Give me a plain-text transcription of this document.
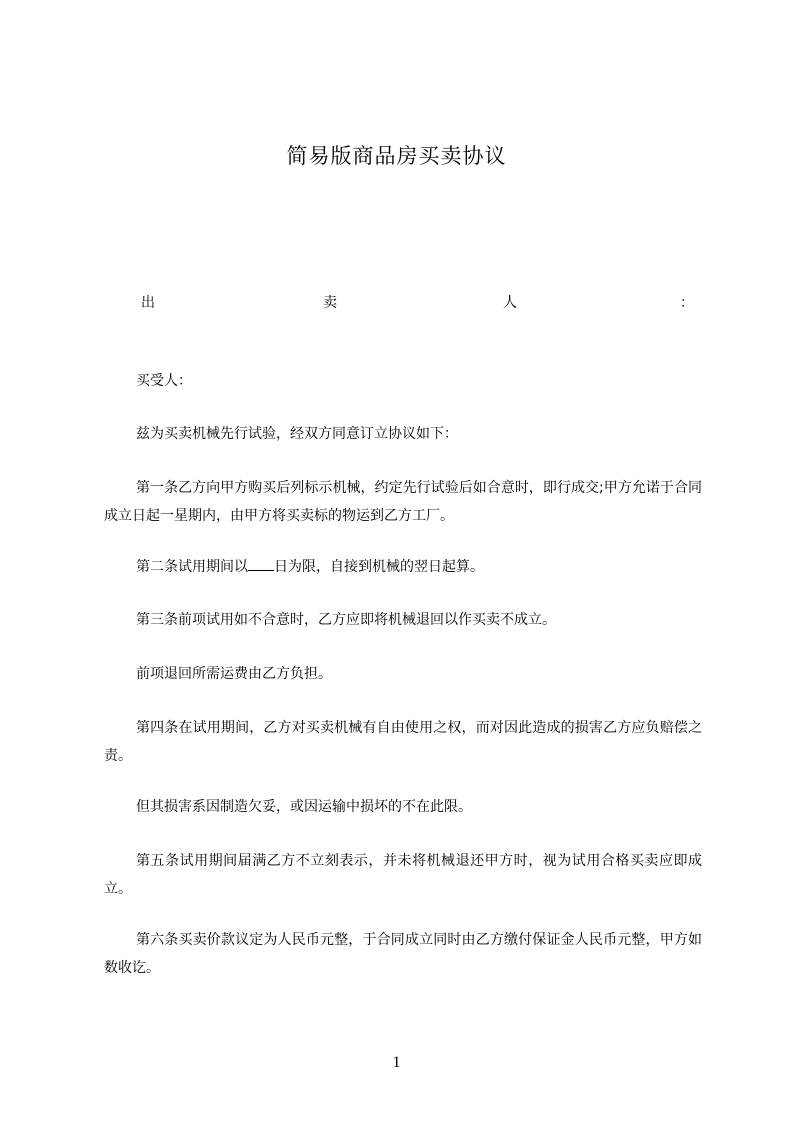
简易版商品房买卖协议
出	卖	人	：
买受人：
兹为买卖机械先行试验，经双方同意订立协议如下：
第一条乙方向甲方购买后列标示机械，约定先行试验后如合意时，即行成交;甲方允诺于合同成立日起一星期内，由甲方将买卖标的物运到乙方工厂。
第二条试用期间以 日为限，自接到机械的翌日起算。
第三条前项试用如不合意时，乙方应即将机械退回以作买卖不成立。
前项退回所需运费由乙方负担。
第四条在试用期间，乙方对买卖机械有自由使用之权，而对因此造成的损害乙方应负赔偿之责。
但其损害系因制造欠妥，或因运输中损坏的不在此限。
第五条试用期间届满乙方不立刻表示，并未将机械退还甲方时，视为试用合格买卖应即成立。
第六条买卖价款议定为人民币元整，于合同成立同时由乙方缴付保证金人民币元整，甲方如数收讫。
1
